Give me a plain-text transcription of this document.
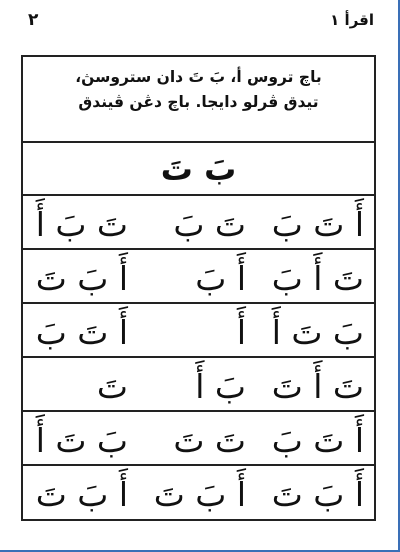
٢	اقرأ ١
باچ تروس أ، بَ تَ دان ستروسڽ،
تيدق ڤرلو دايجا. باچ دڠن ڤيندق
بَ تَ
أَ تَ بَ
تَ بَ
تَ بَ أَ
تَ أَ بَ
أَ بَ
أَ بَ تَ
بَ تَ أَ
أَ
أَ تَ بَ
تَ أَ تَ
بَ أَ
تَ
أَ تَ بَ
تَ تَ
بَ تَ أَ
أَ بَ تَ
أَ بَ تَ
أَ بَ تَ
